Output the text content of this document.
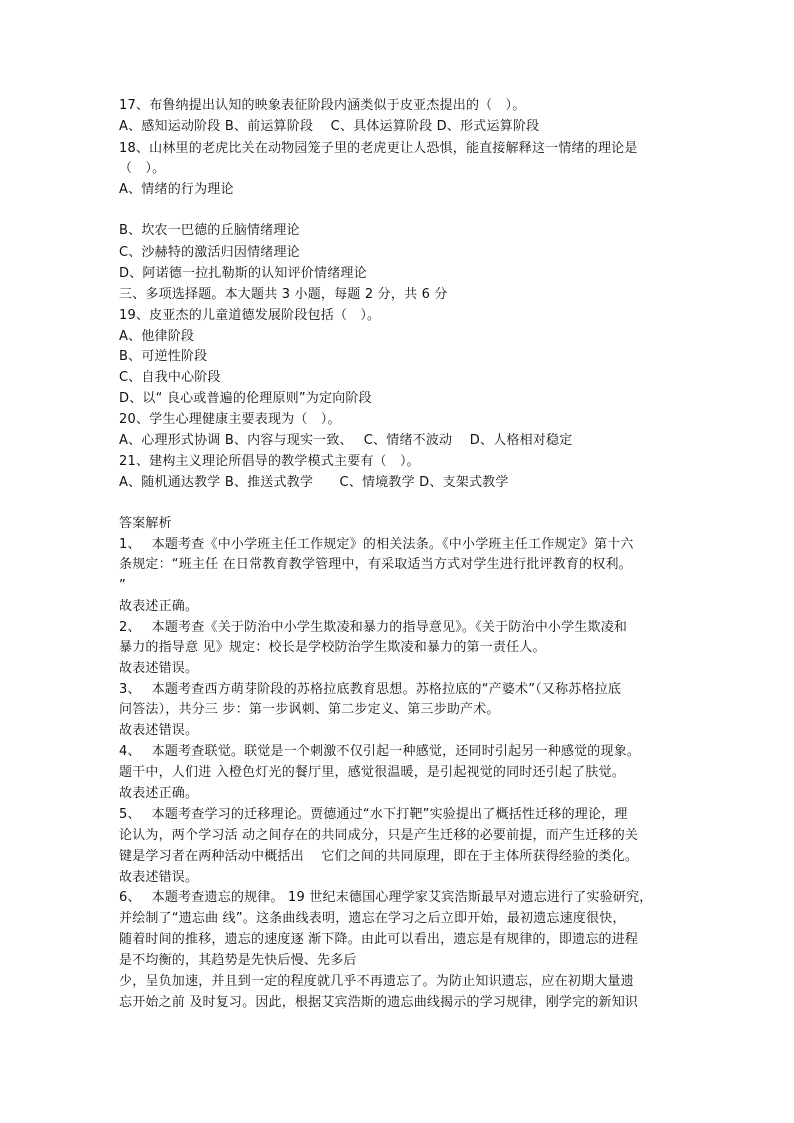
17、布鲁纳提出认知的映象表征阶段内涵类似于皮亚杰提出的（　）。
A、感知运动阶段 B、前运算阶段　 C、具体运算阶段 D、形式运算阶段
18、山林里的老虎比关在动物园笼子里的老虎更让人恐惧，能直接解释这一情绪的理论是
（　）。
A、情绪的行为理论
B、坎农一巴德的丘脑情绪理论
C、沙赫特的激活归因情绪理论
D、阿诺德一拉扎勒斯的认知评价情绪理论
三、多项选择题。本大题共 3 小题，每题 2 分，共 6 分
19、皮亚杰的儿童道德发展阶段包括（　）。
A、他律阶段
B、可逆性阶段
C、自我中心阶段
D、以“ 良心或普遍的伦理原则”为定向阶段
20、学生心理健康主要表现为（　）。
A、心理形式协调 B、内容与现实一致、　 C、情绪不波动　 D、人格相对稳定
21、建构主义理论所倡导的教学模式主要有（　）。
A、随机通达教学 B、推送式教学　　C、情境教学 D、支架式教学
答案解析
1、　 本题考查《中小学班主任工作规定》的相关法条。《中小学班主任工作规定》第十六
条规定：“班主任 在日常教育教学管理中，有采取适当方式对学生进行批评教育的权利。
”
故表述正确。
2、　 本题考查《关于防治中小学生欺凌和暴力的指导意见》。《关于防治中小学生欺凌和
暴力的指导意 见》规定：校长是学校防治学生欺凌和暴力的第一责任人。
故表述错误。
3、　 本题考查西方萌芽阶段的苏格拉底教育思想。苏格拉底的“产婆术”（又称苏格拉底
问答法），共分三 步：第一步讽刺、第二步定义、第三步助产术。
故表述错误。
4、　 本题考查联觉。联觉是一个刺激不仅引起一种感觉，还同时引起另一种感觉的现象。
题干中，人们进 入橙色灯光的餐厅里，感觉很温暖，是引起视觉的同时还引起了肤觉。
故表述正确。
5、　 本题考查学习的迁移理论。贾德通过“水下打靶”实验提出了概括性迁移的理论，理
论认为，两个学习活 动之间存在的共同成分，只是产生迁移的必要前提，而产生迁移的关
键是学习者在两种活动中概括出　 它们之间的共同原理，即在于主体所获得经验的类化。
故表述错误。
6、　 本题考查遗忘的规律。 19 世纪末德国心理学家艾宾浩斯最早对遗忘进行了实验研究，
并绘制了“遗忘曲 线”。这条曲线表明，遗忘在学习之后立即开始，最初遗忘速度很快，
随着时间的推移，遗忘的速度逐 渐下降。由此可以看出，遗忘是有规律的，即遗忘的进程
是不均衡的，其趋势是先快后慢、先多后
少，呈负加速，并且到一定的程度就几乎不再遗忘了。为防止知识遗忘，应在初期大量遗
忘开始之前 及时复习。因此，根据艾宾浩斯的遗忘曲线揭示的学习规律，刚学完的新知识
